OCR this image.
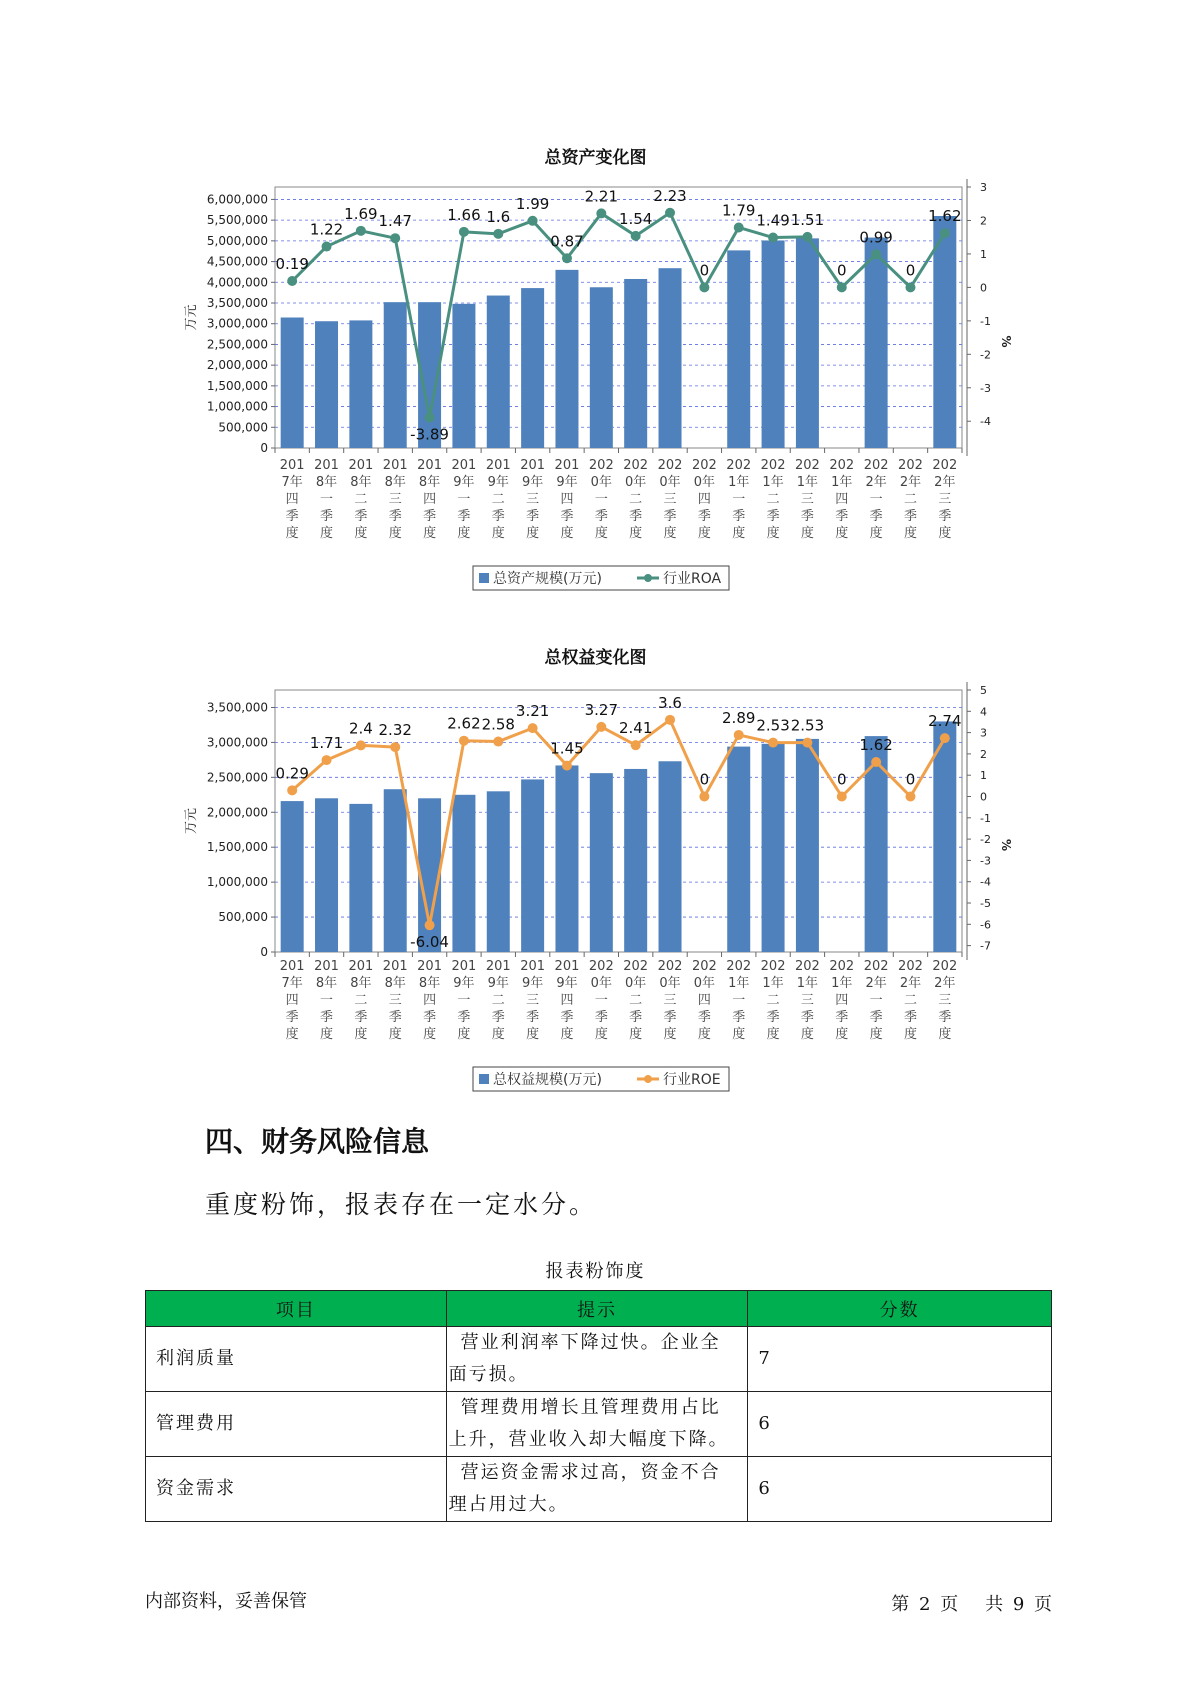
总资产变化图
0
500,000
1,000,000
1,500,000
2,000,000
2,500,000
3,000,000
3,500,000
4,000,000
4,500,000
5,000,000
5,500,000
6,000,000
-4
-3
-2
-1
0
1
2
3
万元
%
201
7年
四
季
度
201
8年
一
季
度
201
8年
二
季
度
201
8年
三
季
度
201
8年
四
季
度
201
9年
一
季
度
201
9年
二
季
度
201
9年
三
季
度
201
9年
四
季
度
202
0年
一
季
度
202
0年
二
季
度
202
0年
三
季
度
202
0年
四
季
度
202
1年
一
季
度
202
1年
二
季
度
202
1年
三
季
度
202
1年
四
季
度
202
2年
一
季
度
202
2年
二
季
度
202
2年
三
季
度
0.19
1.22
1.69 1.47
-3.89
1.66 1.6
1.99
0.87
2.21
1.54
2.23
0
1.79
1.49 1.51
0
0.99
0
1.62
总资产规模(万元)	行业ROA
总权益变化图
0
500,000
1,000,000
1,500,000
2,000,000
2,500,000
3,000,000
3,500,000
-7
-6
-5
-4
-3
-2
-1
0
1
2
3
4
5
万元
%
201
7年
四
季
度
201
8年
一
季
度
201
8年
二
季
度
201
8年
三
季
度
201
8年
四
季
度
201
9年
一
季
度
201
9年
二
季
度
201
9年
三
季
度
201
9年
四
季
度
202
0年
一
季
度
202
0年
二
季
度
202
0年
三
季
度
202
0年
四
季
度
202
1年
一
季
度
202
1年
二
季
度
202
1年
三
季
度
202
1年
四
季
度
202
2年
一
季
度
202
2年
二
季
度
202
2年
三
季
度
0.29
1.71
2.4 2.32
-6.04
2.62 2.58
3.21
1.45
3.27
2.41
3.6
0
2.89 2.53 2.53
0
1.62
0
2.74
总权益规模(万元)	行业ROE
四、财务风险信息
重度粉饰，报表存在一定水分。
报表粉饰度
项目	提示	分数
利润质量	营业利润率下降过快。企业全面亏损。	7
管理费用	管理费用增长且管理费用占比上升，营业收入却大幅度下降。	6
资金需求	营运资金需求过高，资金不合理占用过大。	6
内部资料，妥善保管	第 2 页 共 9 页
